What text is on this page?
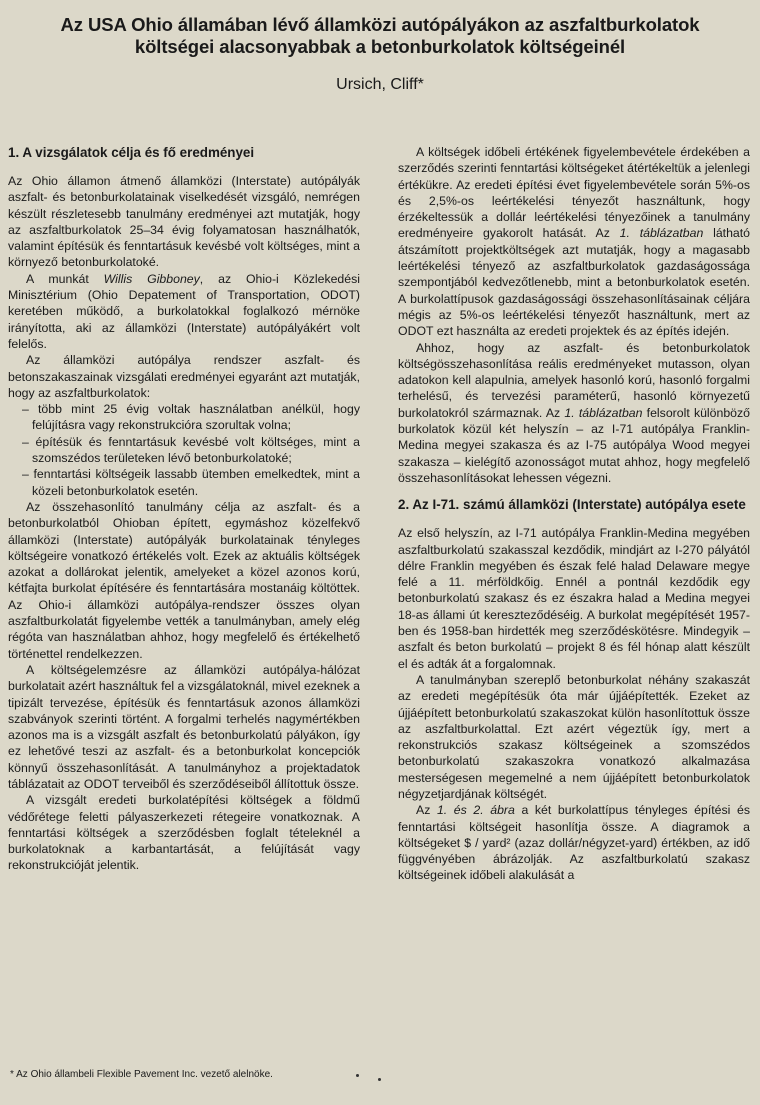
Az USA Ohio államában lévő államközi autópályákon az aszfaltburkolatok költségei alacsonyabbak a betonburkolatok költségeinél
Ursich, Cliff*
1. A vizsgálatok célja és fő eredményei

Az Ohio államon átmenő államközi (Interstate) autópályák aszfalt- és betonburkolatainak viselkedését vizsgáló, nemrégen készült részletesebb tanulmány eredményei azt mutatják, hogy az aszfaltburkolatok 25–34 évig folyamatosan használhatók, valamint építésük és fenntartásuk kevésbé volt költséges, mint a környező betonburkolatoké.

A munkát Willis Gibboney, az Ohio-i Közlekedési Minisztérium (Ohio Depatement of Transportation, ODOT) keretében működő, a burkolatokkal foglalkozó mérnöke irányította, aki az államközi (Interstate) autópályákért volt felelős.

Az államközi autópálya rendszer aszfalt- és betonszakaszainak vizsgálati eredményei egyaránt azt mutatják, hogy az aszfaltburkolatok:

– több mint 25 évig voltak használatban anélkül, hogy felújításra vagy rekonstrukcióra szorultak volna;
– építésük és fenntartásuk kevésbé volt költséges, mint a szomszédos területeken lévő betonburkolatoké;
– fenntartási költségeik lassabb ütemben emelkedtek, mint a közeli betonburkolatok esetén.

Az összehasonlító tanulmány célja az aszfalt- és a betonburkolatból Ohioban épített, egymáshoz közelfekvő államközi (Interstate) autópályák burkolatainak tényleges költségeire vonatkozó értékelés volt. Ezek az aktuális költségek azokat a dollárokat jelentik, amelyeket a közel azonos korú, kétfajta burkolat építésére és fenntartására mostanáig költöttek. Az Ohio-i államközi autópálya-rendszer összes olyan aszfaltburkolatát figyelembe vették a tanulmányban, amely elég régóta van használatban ahhoz, hogy megfelelő és értékelhető történettel rendelkezzen.

A költségelemzésre az államközi autópálya-hálózat burkolatait azért használtuk fel a vizsgálatoknál, mivel ezeknek a tipizált tervezése, építésük és fenntartásuk azonos államközi szabványok szerinti történt. A forgalmi terhelés nagymértékben azonos ma is a vizsgált aszfalt és betonburkolatú pályákon, így ez lehetővé teszi az aszfalt- és a betonburkolat koncepciók könnyű összehasonlítását. A tanulmányhoz a projektadatok táblázatait az ODOT terveiből és szerződéseiből állítottuk össze.

A vizsgált eredeti burkolatépítési költségek a földmű védőrétege feletti pályaszerkezeti rétegeire vonatkoznak. A fenntartási költségek a szerződésben foglalt tételeknél a burkolatoknak a karbantartását, a felújítását vagy rekonstrukcióját jelentik.

A költségek időbeli értékének figyelembevétele érdekében a szerződés szerinti fenntartási költségeket átértékeltük a jelenlegi értékükre. Az eredeti építési évet figyelembevétele során 5%-os és 2,5%-os leértékelési tényezőt használtunk, hogy érzékeltessük a dollár leértékelési tényezőinek a tanulmány eredményeire gyakorolt hatását. Az 1. táblázatban látható átszámított projektköltségek azt mutatják, hogy a magasabb leértékelési tényező az aszfaltburkolatok gazdaságossága szempontjából kedvezőtlenebb, mint a betonburkolatok esetén. A burkolattípusok gazdaságossági összehasonlításainak céljára mégis az 5%-os leértékelési tényezőt használtunk, mert az ODOT ezt használta az eredeti projektek és az építés idején.

Ahhoz, hogy az aszfalt- és betonburkolatok költségösszehasonlítása reális eredményeket mutasson, olyan adatokon kell alapulnia, amelyek hasonló korú, hasonló forgalmi terhelésű, és tervezési paraméterű, hasonló környezetű burkolatokról származnak. Az 1. táblázatban felsorolt különböző burkolatok közül két helyszín – az I-71 autópálya Franklin-Medina megyei szakasza és az I-75 autópálya Wood megyei szakasza – kielégítő azonosságot mutat ahhoz, hogy megfelelő összehasonlításokat lehessen végezni.

2. Az I-71. számú államközi (Interstate) autópálya esete

Az első helyszín, az I-71 autópálya Franklin-Medina megyében aszfaltburkolatú szakasszal kezdődik, mindjárt az I-270 pályától délre Franklin megyében és észak felé halad Delaware megye felé a 11. mérföldkőig. Ennél a pontnál kezdődik egy betonburkolatú szakasz és ez északra halad a Medina megyei 18-as állami út kereszteződéséig. A burkolat megépítését 1957-ben és 1958-ban hirdették meg szerződéskötésre. Mindegyik – aszfalt és beton burkolatú – projekt 8 és fél hónap alatt készült el és adták át a forgalomnak.

A tanulmányban szereplő betonburkolat néhány szakaszát az eredeti megépítésük óta már újjáépítették. Ezeket az újjáépített betonburkolatú szakaszokat külön hasonlítottuk össze az aszfaltburkolattal. Ezt azért végeztük így, mert a rekonstrukciós szakasz költségeinek a szomszédos betonburkolatú szakaszokra vonatkozó alkalmazása mesterségesen megemelné a nem újjáépített betonburkolatok négyzetjardjának költségét.

Az 1. és 2. ábra a két burkolattípus tényleges építési és fenntartási költségeit hasonlítja össze. A diagramok a költségeket $ / yard² (azaz dollár/négyzet-yard) értékben, az idő függvényében ábrázolják. Az aszfaltburkolatú szakasz költségeinek időbeli alakulását a

* Az Ohio állambeli Flexible Pavement Inc. vezető alelnöke.
